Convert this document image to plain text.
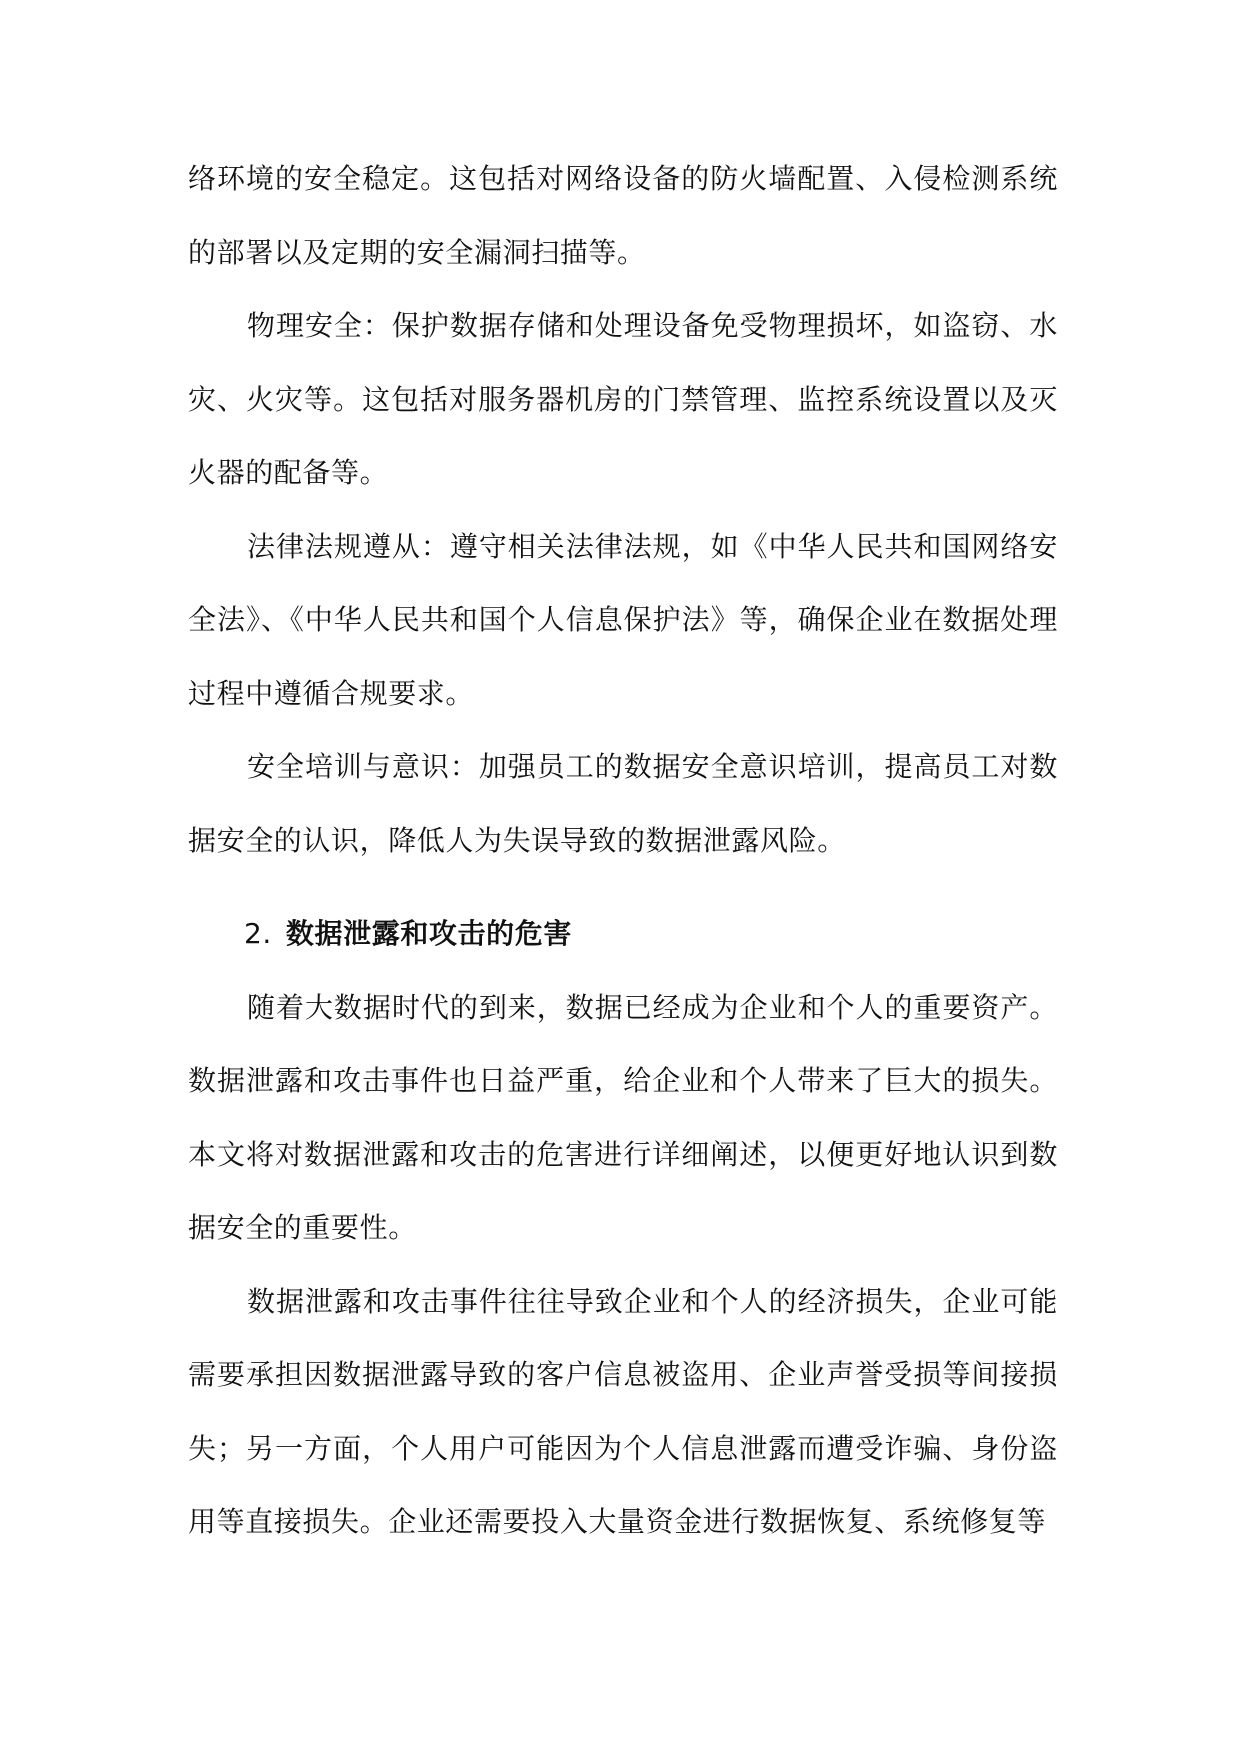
络环境的安全稳定。这包括对网络设备的防火墙配置、入侵检测系统的部署以及定期的安全漏洞扫描等。

物理安全：保护数据存储和处理设备免受物理损坏，如盗窃、水灾、火灾等。这包括对服务器机房的门禁管理、监控系统设置以及灭火器的配备等。

法律法规遵从：遵守相关法律法规，如《中华人民共和国网络安全法》、《中华人民共和国个人信息保护法》等，确保企业在数据处理过程中遵循合规要求。

安全培训与意识：加强员工的数据安全意识培训，提高员工对数据安全的认识，降低人为失误导致的数据泄露风险。

2. 数据泄露和攻击的危害

随着大数据时代的到来，数据已经成为企业和个人的重要资产。数据泄露和攻击事件也日益严重，给企业和个人带来了巨大的损失。本文将对数据泄露和攻击的危害进行详细阐述，以便更好地认识到数据安全的重要性。

数据泄露和攻击事件往往导致企业和个人的经济损失，企业可能需要承担因数据泄露导致的客户信息被盗用、企业声誉受损等间接损失；另一方面，个人用户可能因为个人信息泄露而遭受诈骗、身份盗用等直接损失。企业还需要投入大量资金进行数据恢复、系统修复等
